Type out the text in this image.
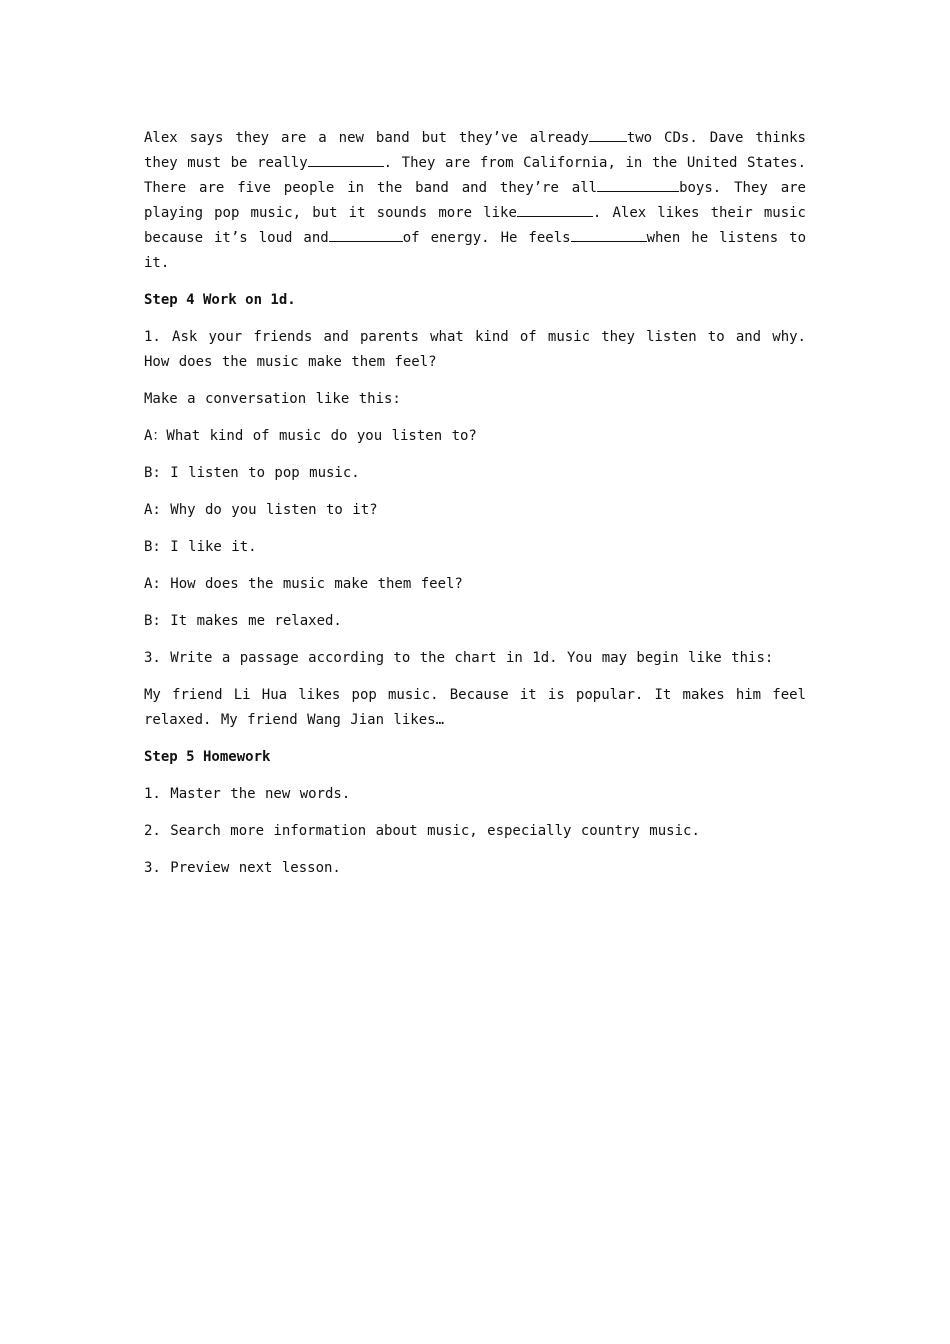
Alex says they are a new band but they’ve already	two CDs. Dave thinks they must be really	. They are from California, in the United States. There are five people in the band and they’re all	boys. They are playing pop music, but it sounds more like	. Alex likes their music because it’s loud and	of energy. He feels	when he listens to it.

Step 4 Work on 1d.

1. Ask your friends and parents what kind of music they listen to and why. How does the music make them feel?

Make a conversation like this:

A：What kind of music do you listen to?

B: I listen to pop music.

A: Why do you listen to it?

B: I like it.

A: How does the music make them feel?

B: It makes me relaxed.

3. Write a passage according to the chart in 1d. You may begin like this:

My friend Li Hua likes pop music. Because it is popular. It makes him feel relaxed. My friend Wang Jian likes…

Step 5 Homework

1. Master the new words.

2. Search more information about music, especially country music.

3. Preview next lesson.
